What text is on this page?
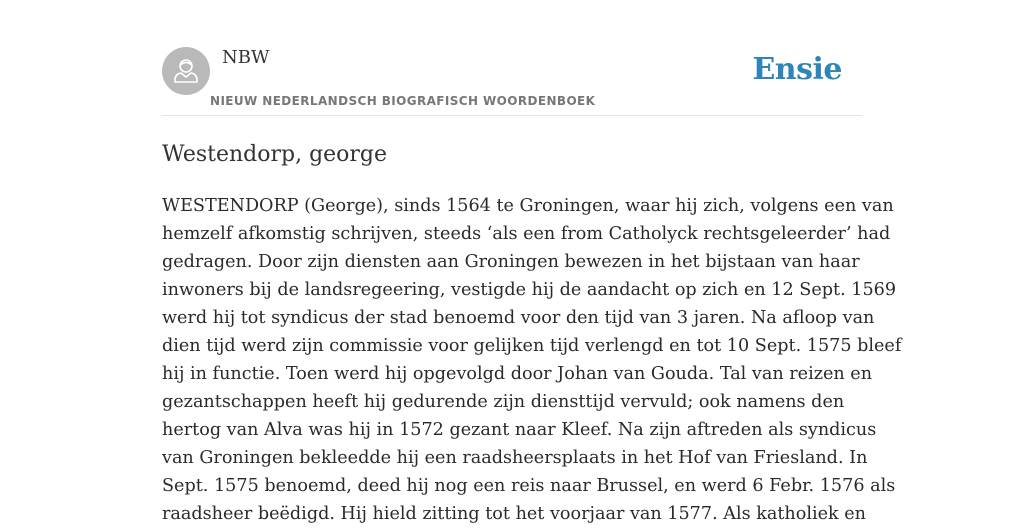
NBW
NIEUW NEDERLANDSCH BIOGRAFISCH WOORDENBOEK
Ensie
Westendorp, george
WESTENDORP (George), sinds 1564 te Groningen, waar hij zich, volgens een van
hemzelf afkomstig schrijven, steeds ‘als een from Catholyck rechtsgeleerder’ had
gedragen. Door zijn diensten aan Groningen bewezen in het bijstaan van haar
inwoners bij de landsregeering, vestigde hij de aandacht op zich en 12 Sept. 1569
werd hij tot syndicus der stad benoemd voor den tijd van 3 jaren. Na afloop van
dien tijd werd zijn commissie voor gelijken tijd verlengd en tot 10 Sept. 1575 bleef
hij in functie. Toen werd hij opgevolgd door Johan van Gouda. Tal van reizen en
gezantschappen heeft hij gedurende zijn diensttijd vervuld; ook namens den
hertog van Alva was hij in 1572 gezant naar Kleef. Na zijn aftreden als syndicus
van Groningen bekleedde hij een raadsheersplaats in het Hof van Friesland. In
Sept. 1575 benoemd, deed hij nog een reis naar Brussel, en werd 6 Febr. 1576 als
raadsheer beëdigd. Hij hield zitting tot het voorjaar van 1577. Als katholiek en
